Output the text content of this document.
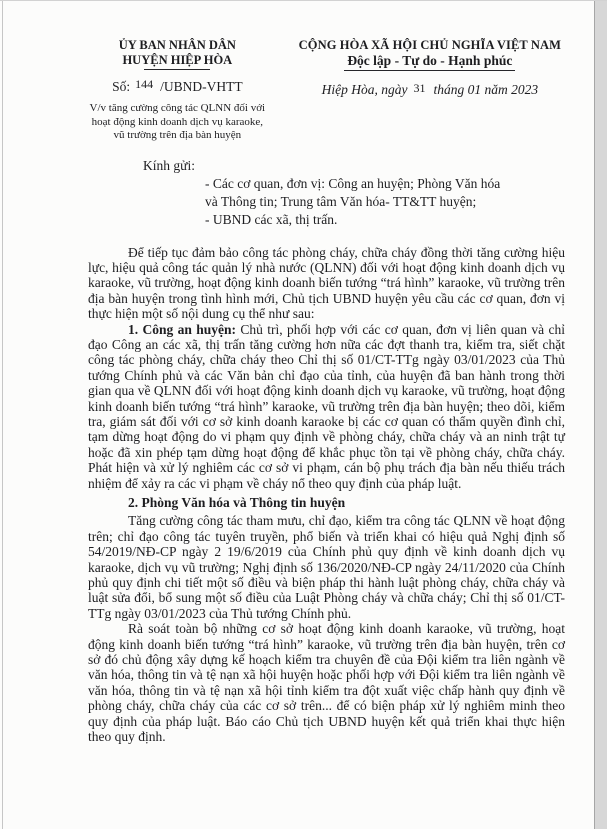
ỦY BAN NHÂN DÂN
HUYỆN HIỆP HÒA
Số: 144 /UBND-VHTT
V/v tăng cường công tác QLNN đối với
hoạt động kinh doanh dịch vụ karaoke,
vũ trường trên địa bàn huyện
CỘNG HÒA XÃ HỘI CHỦ NGHĨA VIỆT NAM
Độc lập - Tự do - Hạnh phúc
Hiệp Hòa, ngày 31 tháng 01 năm 2023
Kính gửi:
- Các cơ quan, đơn vị: Công an huyện; Phòng Văn hóa
và Thông tin; Trung tâm Văn hóa- TT&TT huyện;
- UBND các xã, thị trấn.

Để tiếp tục đảm bảo công tác phòng cháy, chữa cháy đồng thời tăng cường hiệu lực, hiệu quả công tác quản lý nhà nước (QLNN) đối với hoạt động kinh doanh dịch vụ karaoke, vũ trường, hoạt động kinh doanh biến tướng “trá hình” karaoke, vũ trường trên địa bàn huyện trong tình hình mới, Chủ tịch UBND huyện yêu cầu các cơ quan, đơn vị thực hiện một số nội dung cụ thể như sau:

1. Công an huyện: Chủ trì, phối hợp với các cơ quan, đơn vị liên quan và chỉ đạo Công an các xã, thị trấn tăng cường hơn nữa các đợt thanh tra, kiểm tra, siết chặt công tác phòng cháy, chữa cháy theo Chỉ thị số 01/CT-TTg ngày 03/01/2023 của Thủ tướng Chính phủ và các Văn bản chỉ đạo của tỉnh, của huyện đã ban hành trong thời gian qua về QLNN đối với hoạt động kinh doanh dịch vụ karaoke, vũ trường, hoạt động kinh doanh biến tướng “trá hình” karaoke, vũ trường trên địa bàn huyện; theo dõi, kiểm tra, giám sát đối với cơ sở kinh doanh karaoke bị các cơ quan có thẩm quyền đình chỉ, tạm dừng hoạt động do vi phạm quy định về phòng cháy, chữa cháy và an ninh trật tự hoặc đã xin phép tạm dừng hoạt động để khắc phục tồn tại về phòng cháy, chữa cháy. Phát hiện và xử lý nghiêm các cơ sở vi phạm, cán bộ phụ trách địa bàn nếu thiếu trách nhiệm để xảy ra các vi phạm về cháy nổ theo quy định của pháp luật.

2. Phòng Văn hóa và Thông tin huyện

Tăng cường công tác tham mưu, chỉ đạo, kiểm tra công tác QLNN về hoạt động trên; chỉ đạo công tác tuyên truyền, phổ biến và triển khai có hiệu quả Nghị định số 54/2019/NĐ-CP ngày 2 19/6/2019 của Chính phủ quy định về kinh doanh dịch vụ karaoke, dịch vụ vũ trường; Nghị định số 136/2020/NĐ-CP ngày 24/11/2020 của Chính phủ quy định chi tiết một số điều và biện pháp thi hành luật phòng cháy, chữa cháy và luật sửa đổi, bổ sung một số điều của Luật Phòng cháy và chữa cháy; Chỉ thị số 01/CT-TTg ngày 03/01/2023 của Thủ tướng Chính phủ.

Rà soát toàn bộ những cơ sở hoạt động kinh doanh karaoke, vũ trường, hoạt động kinh doanh biến tướng “trá hình” karaoke, vũ trường trên địa bàn huyện, trên cơ sở đó chủ động xây dựng kế hoạch kiểm tra chuyên đề của Đội kiểm tra liên ngành về văn hóa, thông tin và tệ nạn xã hội huyện hoặc phối hợp với Đội kiểm tra liên ngành về văn hóa, thông tin và tệ nạn xã hội tỉnh kiểm tra đột xuất việc chấp hành quy định về phòng cháy, chữa cháy của các cơ sở trên... để có biện pháp xử lý nghiêm minh theo quy định của pháp luật. Báo cáo Chủ tịch UBND huyện kết quả triển khai thực hiện theo quy định.
